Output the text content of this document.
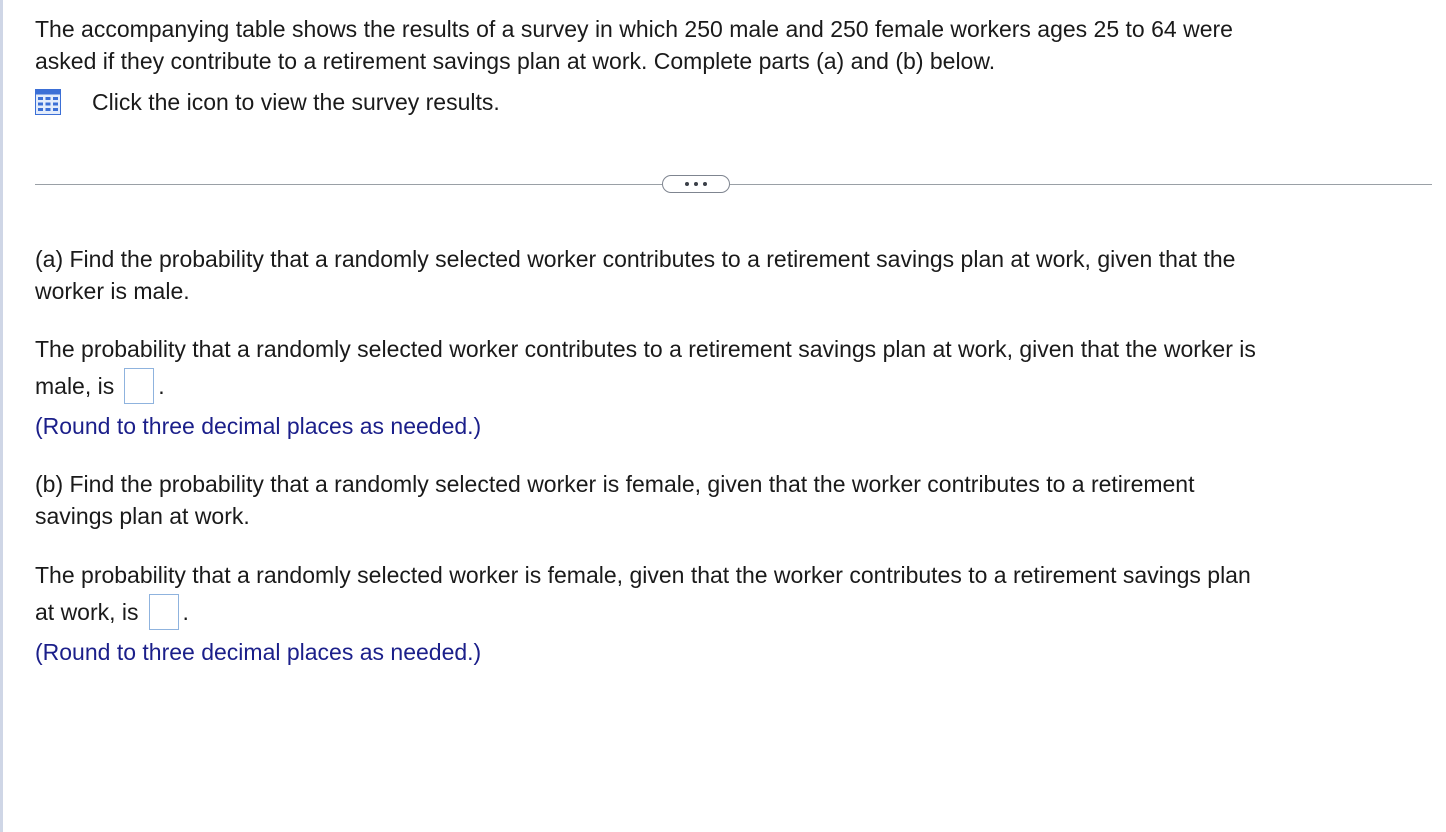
The accompanying table shows the results of a survey in which 250 male and 250 female workers ages 25 to 64 were
asked if they contribute to a retirement savings plan at work. Complete parts (a) and (b) below.
Click the icon to view the survey results.
(a) Find the probability that a randomly selected worker contributes to a retirement savings plan at work, given that the
worker is male.
The probability that a randomly selected worker contributes to a retirement savings plan at work, given that the worker is
male, is .
(Round to three decimal places as needed.)
(b) Find the probability that a randomly selected worker is female, given that the worker contributes to a retirement
savings plan at work.
The probability that a randomly selected worker is female, given that the worker contributes to a retirement savings plan
at work, is .
(Round to three decimal places as needed.)
